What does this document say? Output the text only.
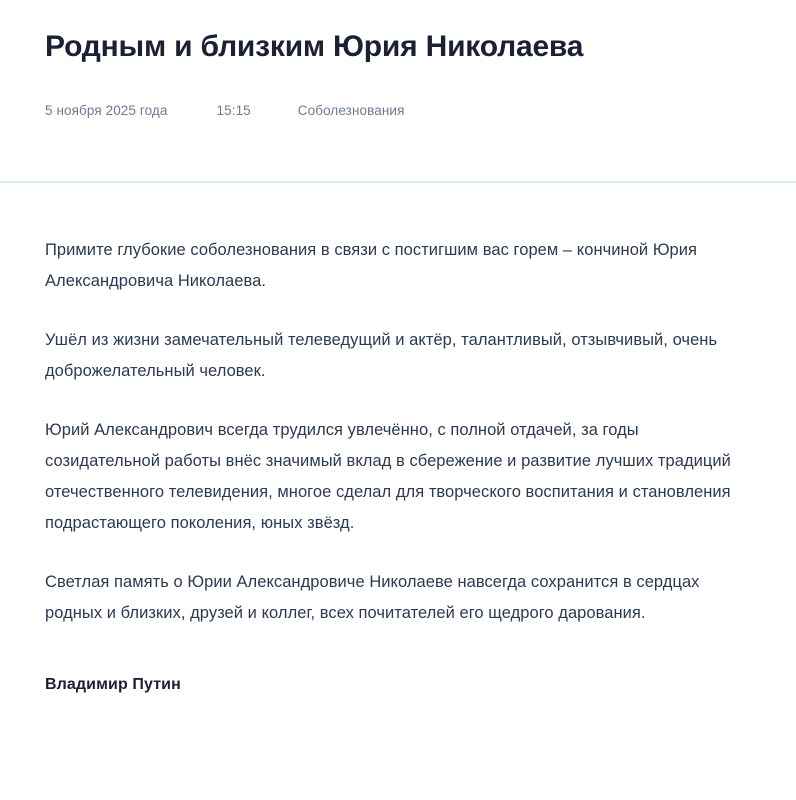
Родным и близким Юрия Николаева
5 ноября 2025 года	15:15	Соболезнования

Примите глубокие соболезнования в связи с постигшим вас горем – кончиной Юрия Александровича Николаева.

Ушёл из жизни замечательный телеведущий и актёр, талантливый, отзывчивый, очень доброжелательный человек.

Юрий Александрович всегда трудился увлечённо, с полной отдачей, за годы созидательной работы внёс значимый вклад в сбережение и развитие лучших традиций отечественного телевидения, многое сделал для творческого воспитания и становления подрастающего поколения, юных звёзд.

Светлая память о Юрии Александровиче Николаеве навсегда сохранится в сердцах родных и близких, друзей и коллег, всех почитателей его щедрого дарования.

Владимир Путин
